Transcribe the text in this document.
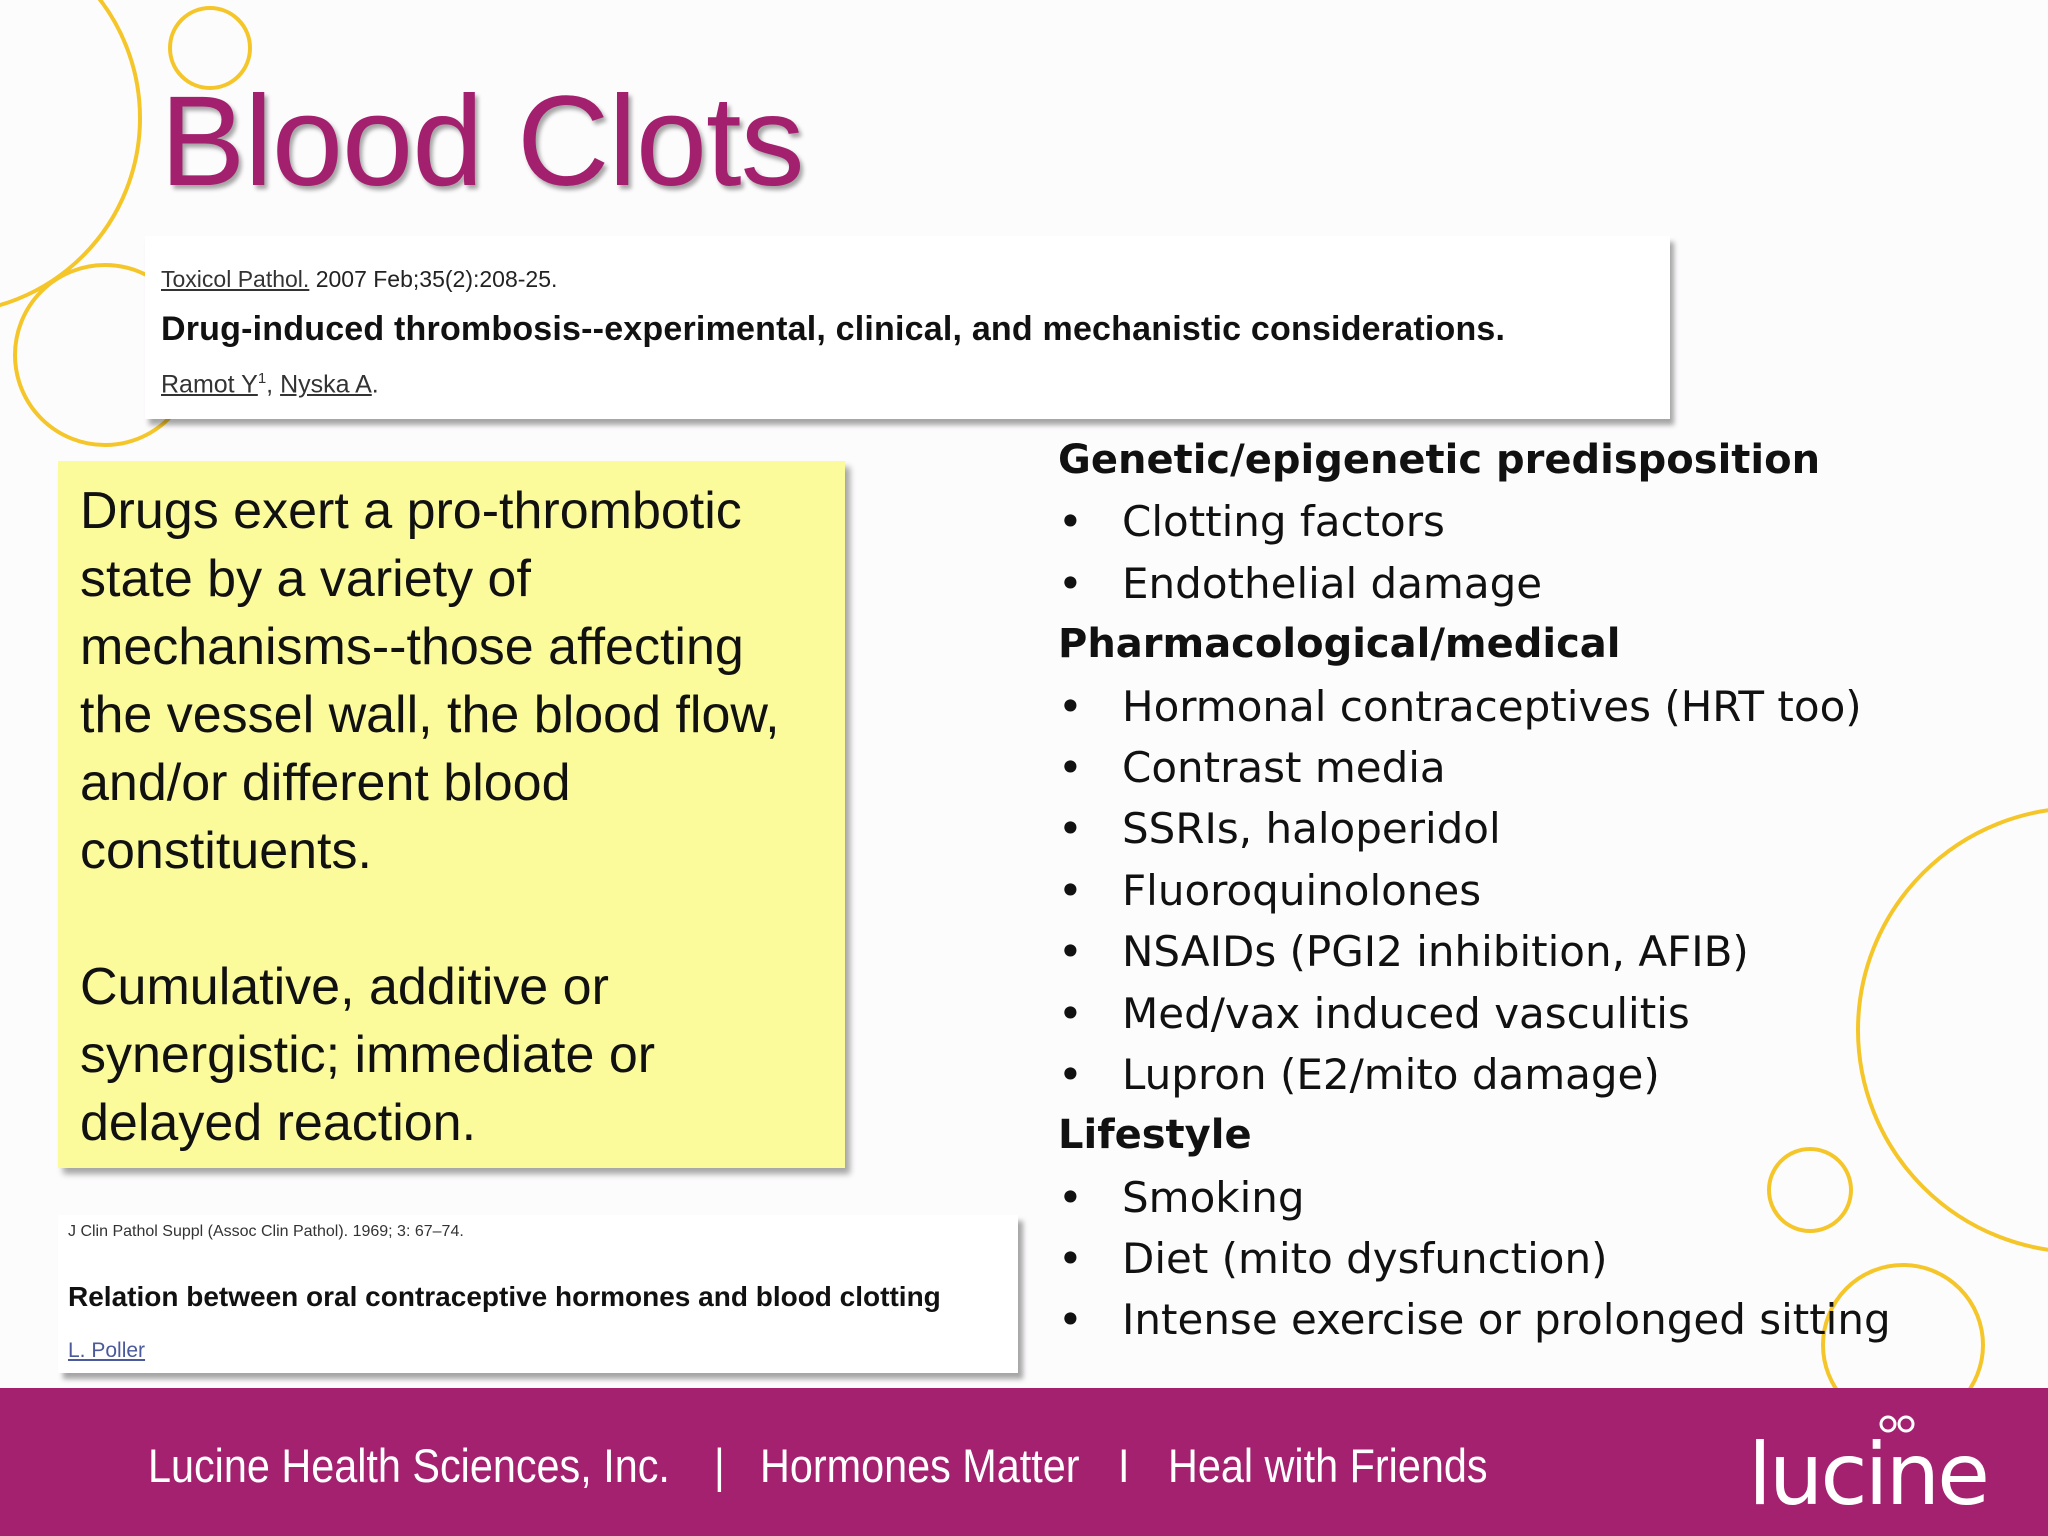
Blood Clots
Toxicol Pathol. 2007 Feb;35(2):208-25.
Drug-induced thrombosis--experimental, clinical, and mechanistic considerations.
Ramot $Y^1$, Nyska A.

Drugs exert a pro-thrombotic state by a variety of mechanisms--those affecting the vessel wall, the blood flow, and/or different blood constituents.

Cumulative, additive or synergistic; immediate or delayed reaction.

J Clin Pathol Suppl (Assoc Clin Pathol). 1969; 3: 67–74.
Relation between oral contraceptive hormones and blood clotting
L. Poller
Genetic/epigenetic predisposition
• Clotting factors
• Endothelial damage
Pharmacological/medical
• Hormonal contraceptives (HRT too)
• Contrast media
• SSRIs, haloperidol
• Fluoroquinolones
• NSAIDs (PGI2 inhibition, AFIB)
• Med/vax induced vasculitis
• Lupron (E2/mito damage)
Lifestyle
• Smoking
• Diet (mito dysfunction)
• Intense exercise or prolonged sitting
Lucine Health Sciences, Inc. | Hormones Matter I Heal with Friends	lucine
